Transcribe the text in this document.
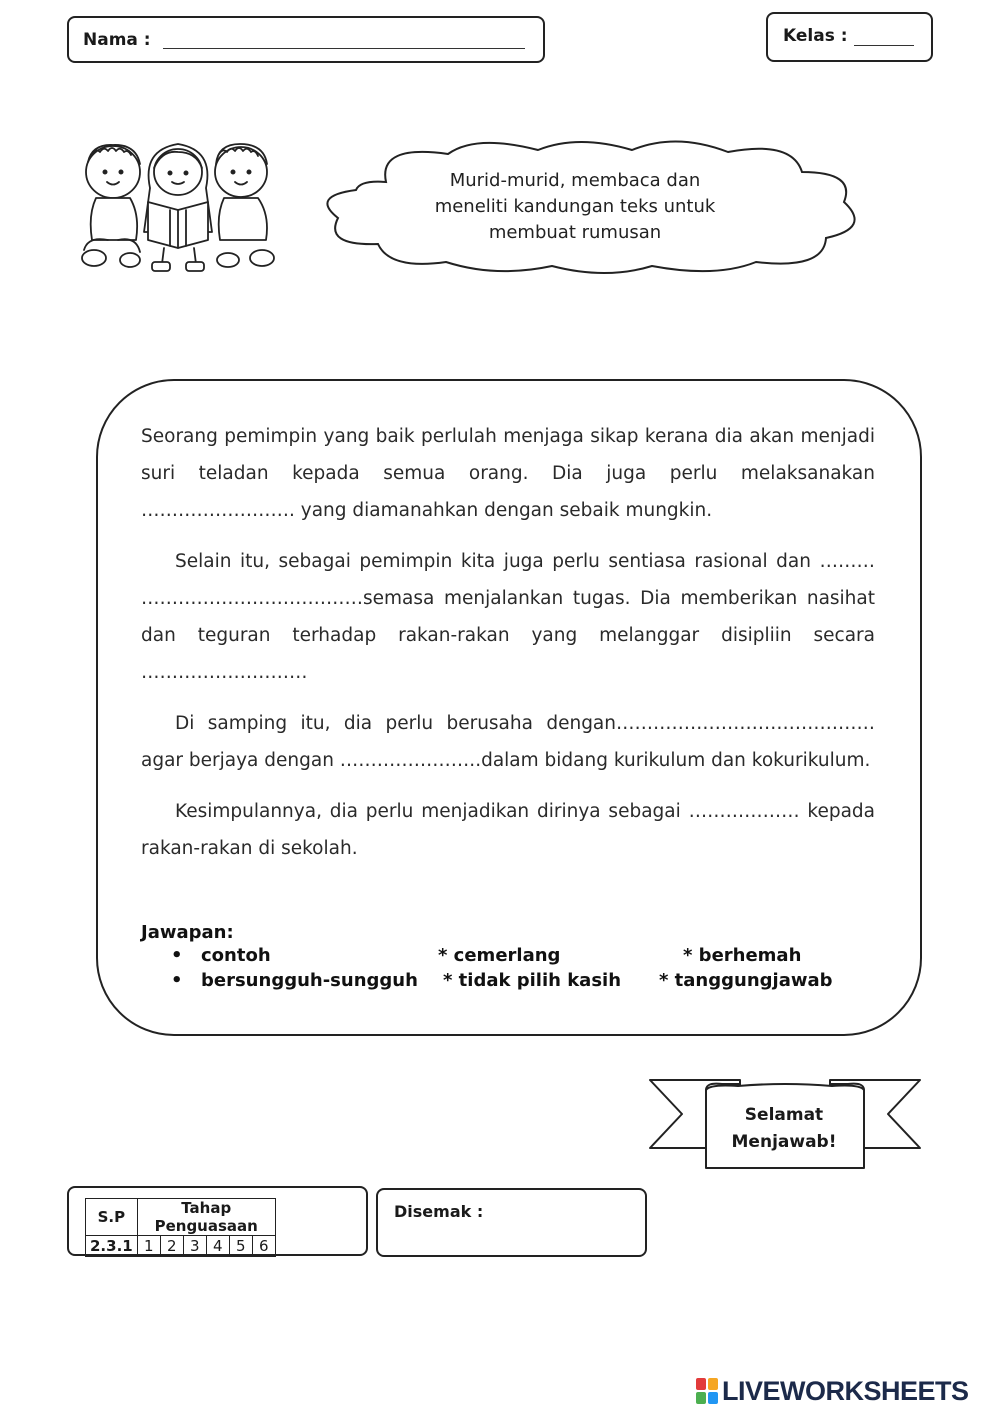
Nama :	Kelas :
Murid-murid, membaca dan
meneliti kandungan teks untuk
membuat rumusan

Seorang pemimpin yang baik perlulah menjaga sikap kerana dia akan menjadi suri teladan kepada semua orang. Dia juga perlu melaksanakan ……………………. yang diamanahkan dengan sebaik mungkin.

Selain itu, sebagai pemimpin kita juga perlu sentiasa rasional dan ……… ………………………………semasa menjalankan tugas. Dia memberikan nasihat dan teguran terhadap rakan-rakan yang melanggar disipliin secara ………………………

Di samping itu, dia perlu berusaha dengan…………………………………… agar berjaya dengan …………………..dalam bidang kurikulum dan kokurikulum.

Kesimpulannya, dia perlu menjadikan dirinya sebagai ……………… kepada rakan-rakan di sekolah.

Jawapan:
• contoh	* cemerlang	* berhemah
• bersungguh-sungguh * tidak pilih kasih * tanggungjawab
Selamat
Menjawab!
S.P	Tahap Penguasaan					
2.3.1	1	2	3	4	5	6
Disemak :
LIVEWORKSHEETS
